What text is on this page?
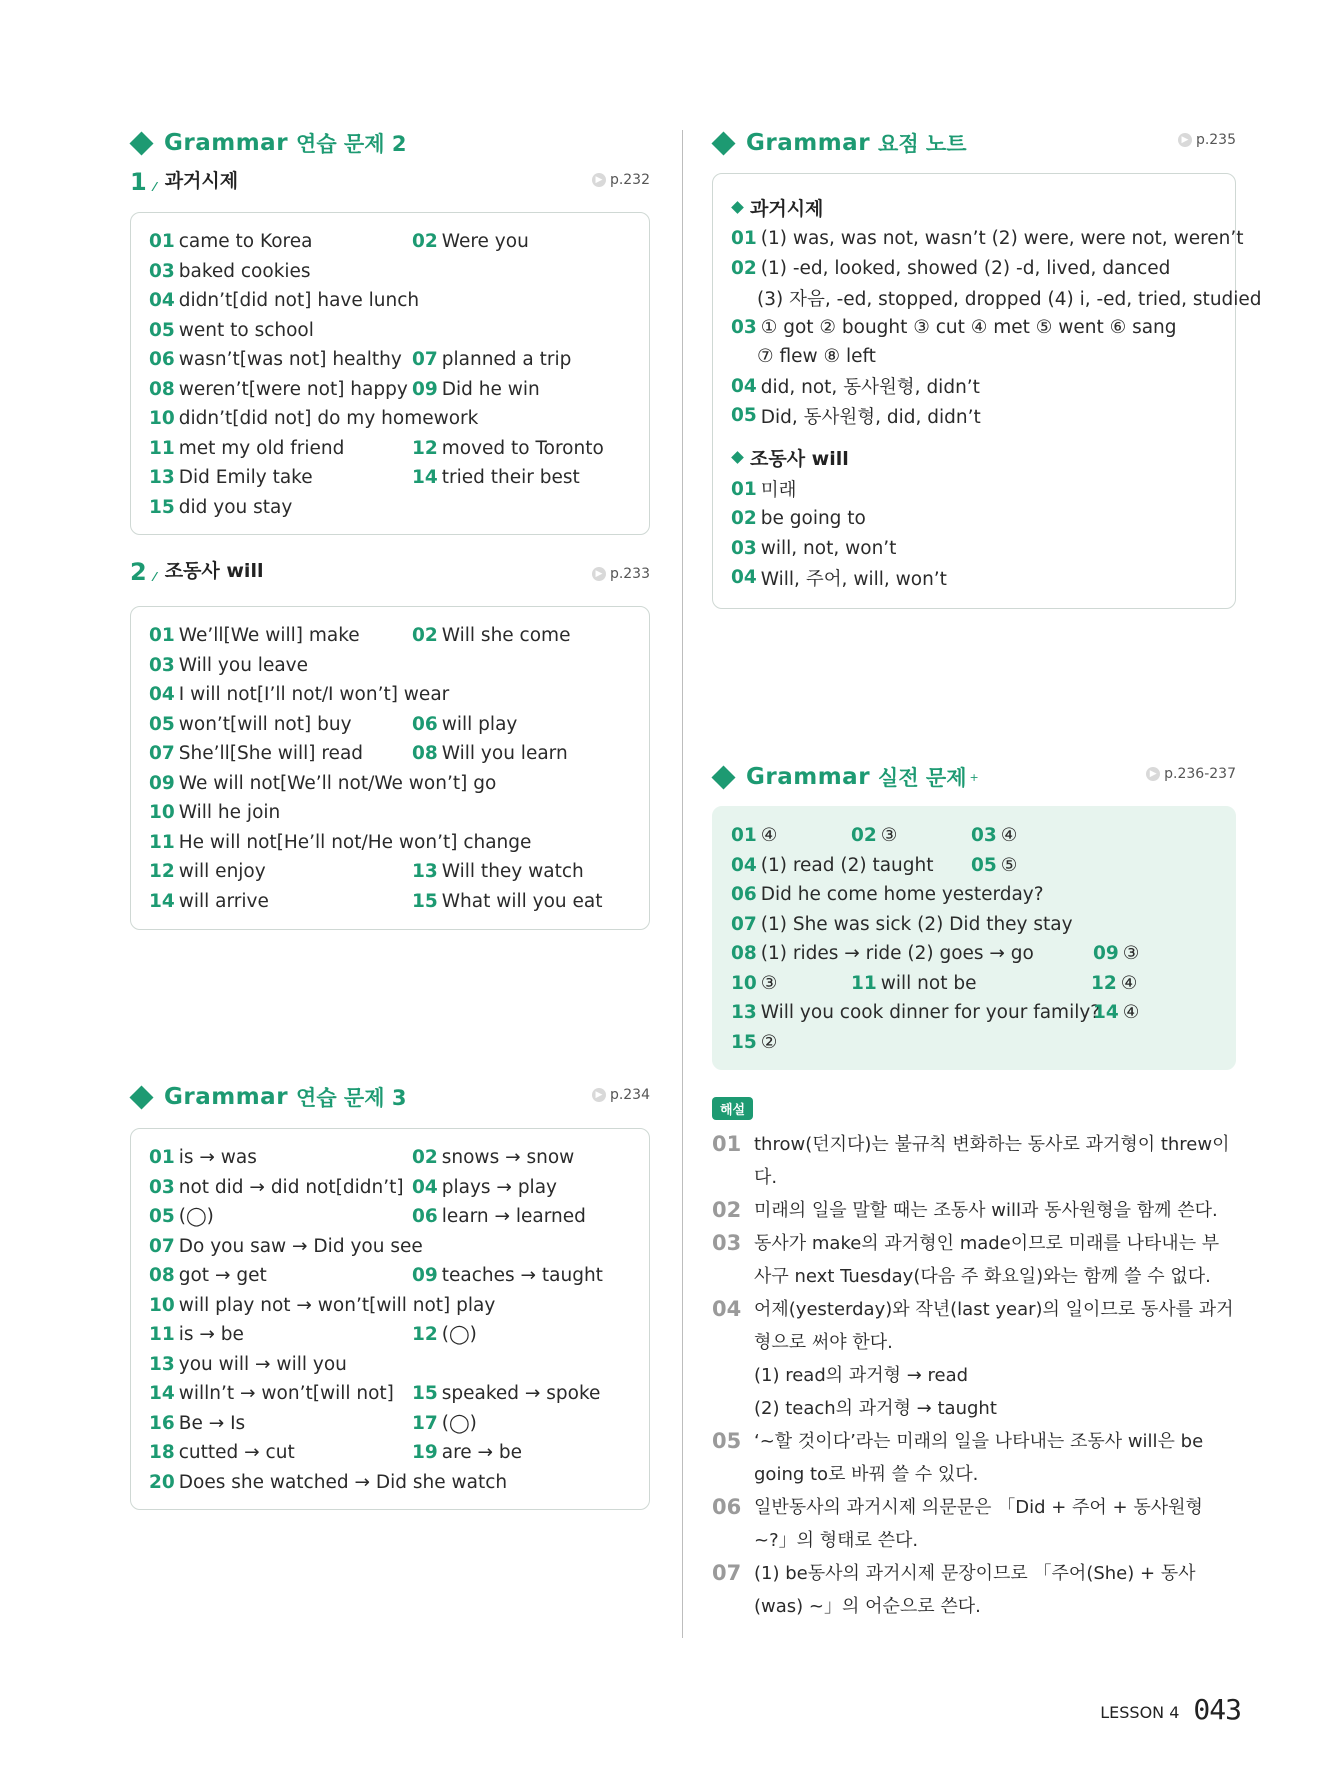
Grammar 연습 문제 2
1 ⁄ 과거시제	▶ p.232
01 came to Korea	02 Were you
03 baked cookies
04 didn’t[did not] have lunch
05 went to school
06 wasn’t[was not] healthy 07 planned a trip
08 weren’t[were not] happy 09 Did he win
10 didn’t[did not] do my homework
11 met my old friend	12 moved to Toronto
13 Did Emily take	14 tried their best
15 did you stay
2 ⁄ 조동사 will	▶ p.233
01 We’ll[We will] make	02 Will she come
03 Will you leave
04 I will not[I’ll not/I won’t] wear
05 won’t[will not] buy	06 will play
07 She’ll[She will] read	08 Will you learn
09 We will not[We’ll not/We won’t] go
10 Will he join
11 He will not[He’ll not/He won’t] change
12 will enjoy	13 Will they watch
14 will arrive	15 What will you eat
Grammar 연습 문제 3	▶ p.234
01 is → was	02 snows → snow
03 not did → did not[didn’t] 04 plays → play
05 (◯)	06 learn → learned
07 Do you saw → Did you see
08 got → get	09 teaches → taught
10 will play not → won’t[will not] play
11 is → be	12 (◯)
13 you will → will you
14 willn’t → won’t[will not] 15 speaked → spoke
16 Be → Is	17 (◯)
18 cutted → cut	19 are → be
20 Does she watched → Did she watch
Grammar 요점 노트	▶ p.235
과거시제
01 (1) was, was not, wasn’t (2) were, were not, weren’t
02 (1) -ed, looked, showed (2) -d, lived, danced
(3) 자음, -ed, stopped, dropped (4) i, -ed, tried, studied
03 ① got ② bought ③ cut ④ met ⑤ went ⑥ sang
⑦ flew ⑧ left
04 did, not, 동사원형, didn’t
05 Did, 동사원형, did, didn’t
조동사 will
01 미래
02 be going to
03 will, not, won’t
04 Will, 주어, will, won’t
Grammar 실전 문제 +	▶ p.236-237
01 ④	02 ③	03 ④
04 (1) read (2) taught	05 ⑤
06 Did he come home yesterday?
07 (1) She was sick (2) Did they stay
08 (1) rides → ride (2) goes → go	09 ③
10 ③	11 will not be	12 ④
13 Will you cook dinner for your family?
14 ④
15 ②
해설
01 throw(던지다)는 불규칙 변화하는 동사로 과거형이 threw이다.
02 미래의 일을 말할 때는 조동사 will과 동사원형을 함께 쓴다.
03 동사가 make의 과거형인 made이므로 미래를 나타내는 부사구 next Tuesday(다음 주 화요일)와는 함께 쓸 수 없다.
04 어제(yesterday)와 작년(last year)의 일이므로 동사를 과거형으로 써야 한다.
(1) read의 과거형 → read
(2) teach의 과거형 → taught
05 ‘~할 것이다’라는 미래의 일을 나타내는 조동사 will은 be going to로 바꿔 쓸 수 있다.
06 일반동사의 과거시제 의문문은 「Did + 주어 + 동사원형 ~?」의 형태로 쓴다.
07 (1) be동사의 과거시제 문장이므로 「주어(She) + 동사(was) ~」의 어순으로 쓴다.
LESSON 4 043
